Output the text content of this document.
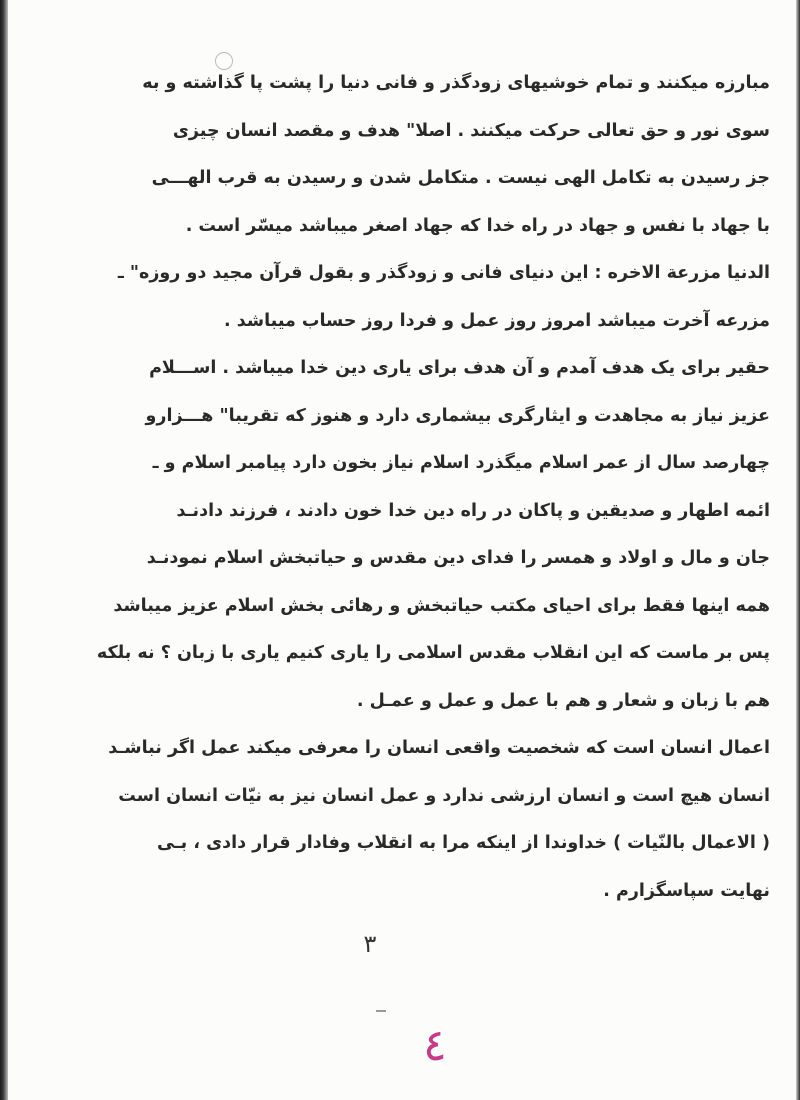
مبارزه میکنند و تمام خوشیهای زودگذر و فانی دنیا را پشت پا گذاشته و به
سوی نور و حق تعالی حرکت میکنند . اصلا" هدف و مقصد انسان چیزی
جز رسیدن به تکامل الهی نیست . متکامل شدن و رسیدن به قرب الهـــی
با جهاد با نفس و جهاد در راه خدا که جهاد اصغر میباشد میسّر است .
الدنیا مزرعة الاخره : این دنیای فانی و زودگذر و بقول قرآن مجید دو روزه" ـ
مزرعه آخرت میباشد امروز روز عمل و فردا روز حساب میباشد .
حقیر برای یک هدف آمدم و آن هدف برای یاری دین خدا میباشد . اســـلام
عزیز نیاز به مجاهدت و ایثارگری بیشماری دارد و هنوز که تقریبا" هـــزارو
چهارصد سال از عمر اسلام میگذرد اسلام نیاز بخون دارد پیامبر اسلام و ـ
ائمه اطهار و صدیقین و پاکان در راه دین خدا خون دادند ، فرزند دادنـد
جان و مال و اولاد و همسر را فدای دین مقدس و حیاتبخش اسلام نمودنـد
همه اینها فقط برای احیای مکتب حیاتبخش و رهائی بخش اسلام عزیز میباشد
پس بر ماست که این انقلاب مقدس اسلامی را یاری کنیم یاری با زبان ؟ نه بلکه
هم با زبان و شعار و هم با عمل و عمل و عمـل .
اعمال انسان است که شخصیت واقعی انسان را معرفی میکند عمل اگر نباشـد
انسان هیچ است و انسان ارزشی ندارد و عمل انسان نیز به نیّات انسان است
( الاعمال بالنّیات ) خداوندا از اینکه مرا به انقلاب وفادار قرار دادی ، بـی
نهایت سپاسگزارم .
۳
٤
